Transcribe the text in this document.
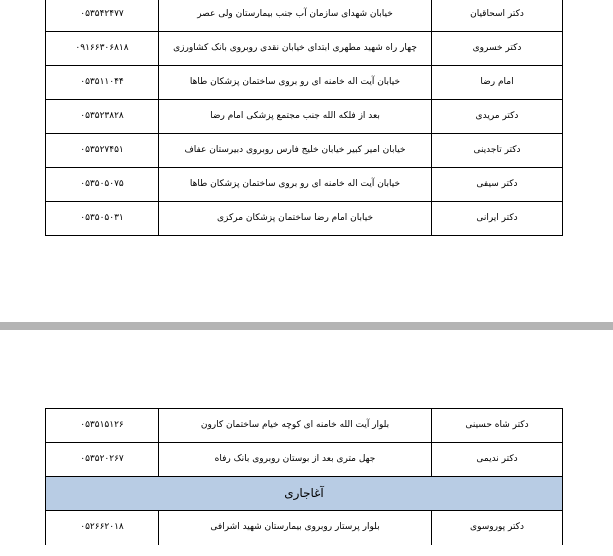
۰۵۳۵۴۲۴۷۷	خیابان شهدای سازمان آب جنب بیمارستان ولی عصر	دکتر اسحاقیان
۰۹۱۶۶۳۰۶۸۱۸	چهار راه شهید مطهری ابتدای خیابان نقدی روبروی بانک کشاورزی	دکتر خسروی
۰۵۳۵۱۱۰۴۴	خیابان آیت اله خامنه ای رو بروی ساختمان پزشکان طاها	امام رضا
۰۵۳۵۲۳۸۲۸	بعد از فلکه الله جنب مجتمع پزشکی امام رضا	دکتر مریدی
۰۵۳۵۲۷۴۵۱	خیابان امیر کبیر خیابان خلیج فارس روبروی دبیرستان عفاف	دکتر تاجدینی
۰۵۳۵۰۵۰۷۵	خیابان آیت اله خامنه ای رو بروی ساختمان پزشکان طاها	دکتر سیفی
۰۵۳۵۰۵۰۳۱	خیابان امام رضا ساختمان پزشکان مرکزی	دکتر ایرانی
۰۵۳۵۱۵۱۲۶	بلوار آیت الله خامنه ای کوچه خیام ساختمان کارون	دکتر شاه حسینی
۰۵۳۵۲۰۲۶۷	جهل متری بعد از بوستان روبروی بانک رفاه	دکتر ندیمی
آغاجاری		
۰۵۲۶۶۲۰۱۸	بلوار پرستار روبروی بیمارستان شهید اشرافی	دکتر پوروسوی
